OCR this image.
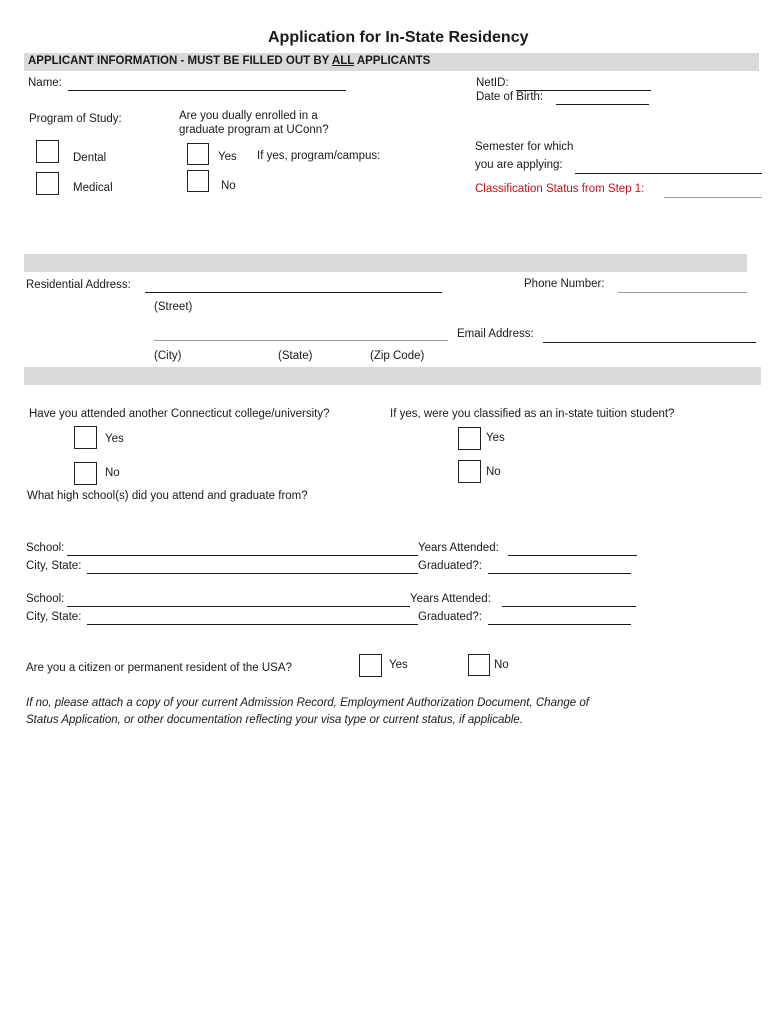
Application for In-State Residency
APPLICANT INFORMATION - MUST BE FILLED OUT BY ALL APPLICANTS
Name:	NetID:
Date of Birth:
Program of Study:
Dental
Medical
Are you dually enrolled in a
graduate program at UConn?
Yes
No
If yes, program/campus:
Semester for which
you are applying:
Classification Status from Step 1:
Residential Address:
(Street)
(City)	(State)	(Zip Code)
Phone Number:
Email Address:
Have you attended another Connecticut college/university?
Yes
No
If yes, were you classified as an in-state tuition student?
Yes
No
What high school(s) did you attend and graduate from?
School:	Years Attended:
City, State:	Graduated?:
School:	Years Attended:
City, State:	Graduated?:
Are you a citizen or permanent resident of the USA?	Yes	No
If no, please attach a copy of your current Admission Record, Employment Authorization Document, Change of
Status Application, or other documentation reflecting your visa type or current status, if applicable.
